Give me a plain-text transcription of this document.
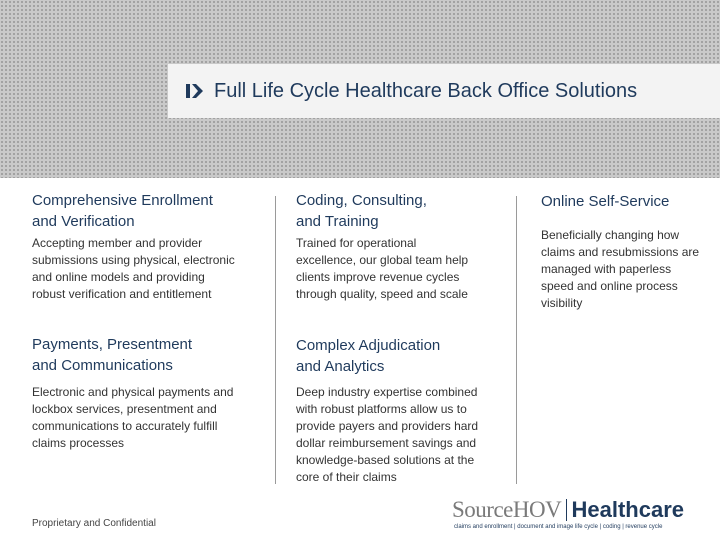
Full Life Cycle Healthcare Back Office Solutions
Comprehensive Enrollment
and Verification
Accepting member and provider
submissions using physical, electronic
and online models and providing
robust verification and entitlement
Payments, Presentment
and Communications
Electronic and physical payments and
lockbox services, presentment and
communications to accurately fulfill
claims processes
Coding, Consulting,
and Training
Trained for operational
excellence, our global team help
clients improve revenue cycles
through quality, speed and scale
Complex Adjudication
and Analytics
Deep industry expertise combined
with robust platforms allow us to
provide payers and providers hard
dollar reimbursement savings and
knowledge-based solutions at the
core of their claims
Online Self-Service
Beneficially changing how
claims and resubmissions are
managed with paperless
speed and online process
visibility
Proprietary and Confidential
SourceHOV Healthcare
claims and enrollment | document and image life cycle | coding | revenue cycle
